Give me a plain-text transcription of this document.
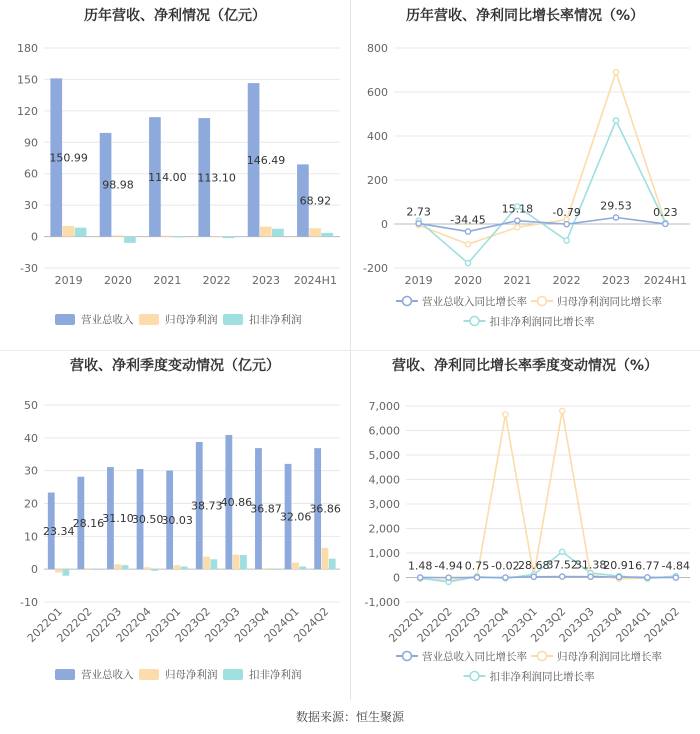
历年营收、净利情况（亿元）
-30
0
30
60
90
120
150
180
2019 2020 2021 2022 2023 2024H1
150.99
98.98
114.00 113.10
146.49
68.92
营业总收入	归母净利润	扣非净利润
历年营收、净利同比增长率情况（%）
-200
0
200
400
600
800
2019 2020 2021 2022 2023 2024H1
2.73
-34.45
15.18 -0.79
29.53 0.23
营业总收入同比增长率	归母净利润同比增长率
扣非净利润同比增长率
营收、净利季度变动情况（亿元）
-10
0
10
20
30
40
50
2022Q1
2022Q2
2022Q3
2022Q4
2023Q1
2023Q2
2023Q3
2023Q4
2024Q1
2024Q2
23.34
28.16
31.10
30.50
30.03
38.73
40.86
36.87
32.06
36.86
营业总收入	归母净利润	扣非净利润
营收、净利同比增长率季度变动情况（%）
-1,000
0
1,000
2,000
3,000
4,000
5,000
6,000
7,000
2022Q1
2022Q2
2022Q3
2022Q4
2023Q1
2023Q2
2023Q3
2023Q4
2024Q1
2024Q2
1.48 -4.94 0.75 -0.02
28.68
37.52
31.38
20.91 6.77 -4.84
营业总收入同比增长率	归母净利润同比增长率
扣非净利润同比增长率
数据来源：恒生聚源
